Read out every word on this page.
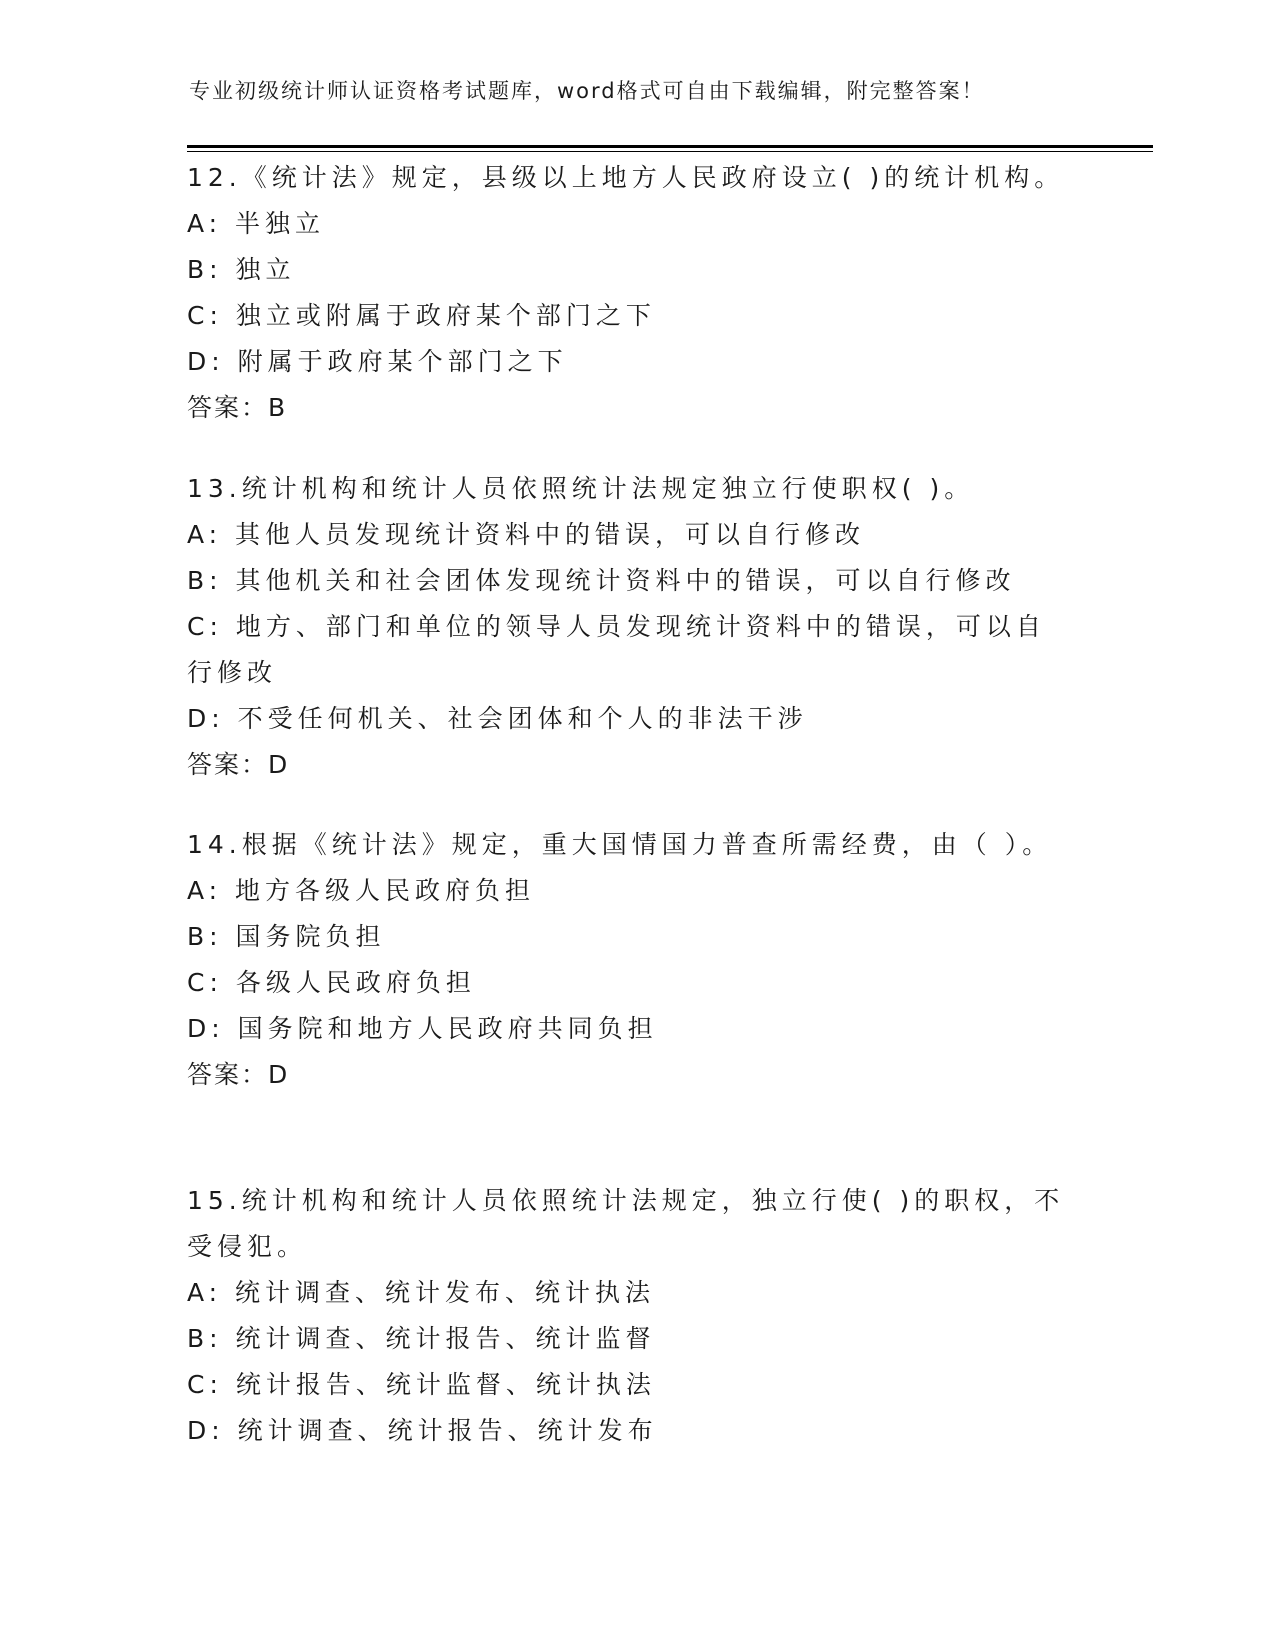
专业初级统计师认证资格考试题库，word格式可自由下载编辑，附完整答案！
12.《统计法》规定，县级以上地方人民政府设立( )的统计机构。
A: 半独立
B: 独立
C: 独立或附属于政府某个部门之下
D: 附属于政府某个部门之下
答案：B
13.统计机构和统计人员依照统计法规定独立行使职权( )。
A: 其他人员发现统计资料中的错误，可以自行修改
B: 其他机关和社会团体发现统计资料中的错误，可以自行修改
C: 地方、部门和单位的领导人员发现统计资料中的错误，可以自行修改
D: 不受任何机关、社会团体和个人的非法干涉
答案：D
14.根据《统计法》规定，重大国情国力普查所需经费，由（ ）。
A: 地方各级人民政府负担
B: 国务院负担
C: 各级人民政府负担
D: 国务院和地方人民政府共同负担
答案：D
15.统计机构和统计人员依照统计法规定，独立行使( )的职权，不受侵犯。
A: 统计调查、统计发布、统计执法
B: 统计调查、统计报告、统计监督
C: 统计报告、统计监督、统计执法
D: 统计调查、统计报告、统计发布
